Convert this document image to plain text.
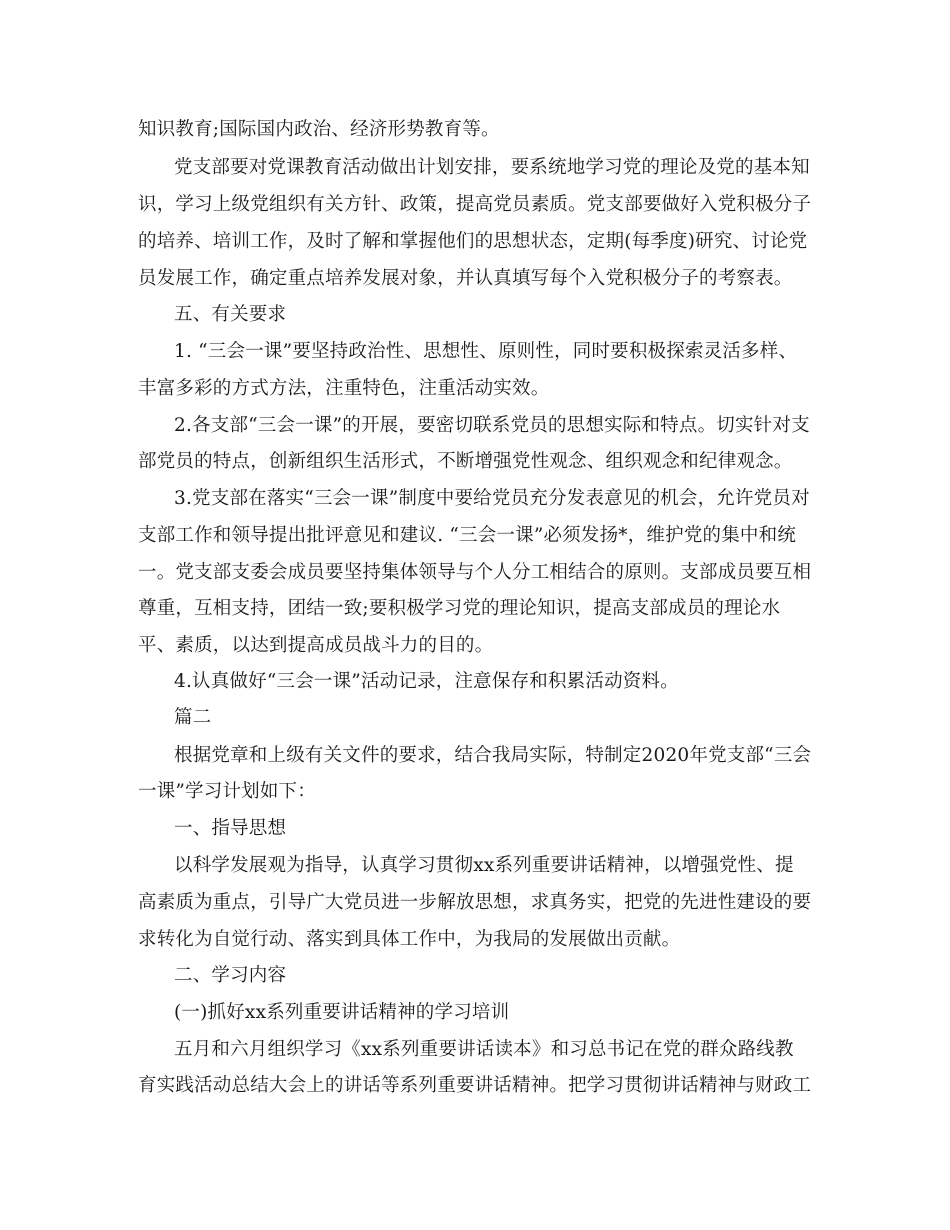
知识教育;国际国内政治、经济形势教育等。
党支部要对党课教育活动做出计划安排，要系统地学习党的理论及党的基本知
识，学习上级党组织有关方针、政策，提高党员素质。党支部要做好入党积极分子
的培养、培训工作，及时了解和掌握他们的思想状态，定期(每季度)研究、讨论党
员发展工作，确定重点培养发展对象，并认真填写每个入党积极分子的考察表。
五、有关要求
1. “三会一课”要坚持政治性、思想性、原则性，同时要积极探索灵活多样、
丰富多彩的方式方法，注重特色，注重活动实效。
2.各支部“三会一课”的开展，要密切联系党员的思想实际和特点。切实针对支
部党员的特点，创新组织生活形式，不断增强党性观念、组织观念和纪律观念。
3.党支部在落实“三会一课”制度中要给党员充分发表意见的机会，允许党员对
支部工作和领导提出批评意见和建议. “三会一课”必须发扬*，维护党的集中和统
一。党支部支委会成员要坚持集体领导与个人分工相结合的原则。支部成员要互相
尊重，互相支持，团结一致;要积极学习党的理论知识，提高支部成员的理论水
平、素质，以达到提高成员战斗力的目的。
4.认真做好“三会一课”活动记录，注意保存和积累活动资料。
篇二
根据党章和上级有关文件的要求，结合我局实际，特制定2020年党支部“三会
一课”学习计划如下：
一、指导思想
以科学发展观为指导，认真学习贯彻xx系列重要讲话精神，以增强党性、提
高素质为重点，引导广大党员进一步解放思想，求真务实，把党的先进性建设的要
求转化为自觉行动、落实到具体工作中，为我局的发展做出贡献。
二、学习内容
(一)抓好xx系列重要讲话精神的学习培训
五月和六月组织学习《xx系列重要讲话读本》和习总书记在党的群众路线教
育实践活动总结大会上的讲话等系列重要讲话精神。把学习贯彻讲话精神与财政工
